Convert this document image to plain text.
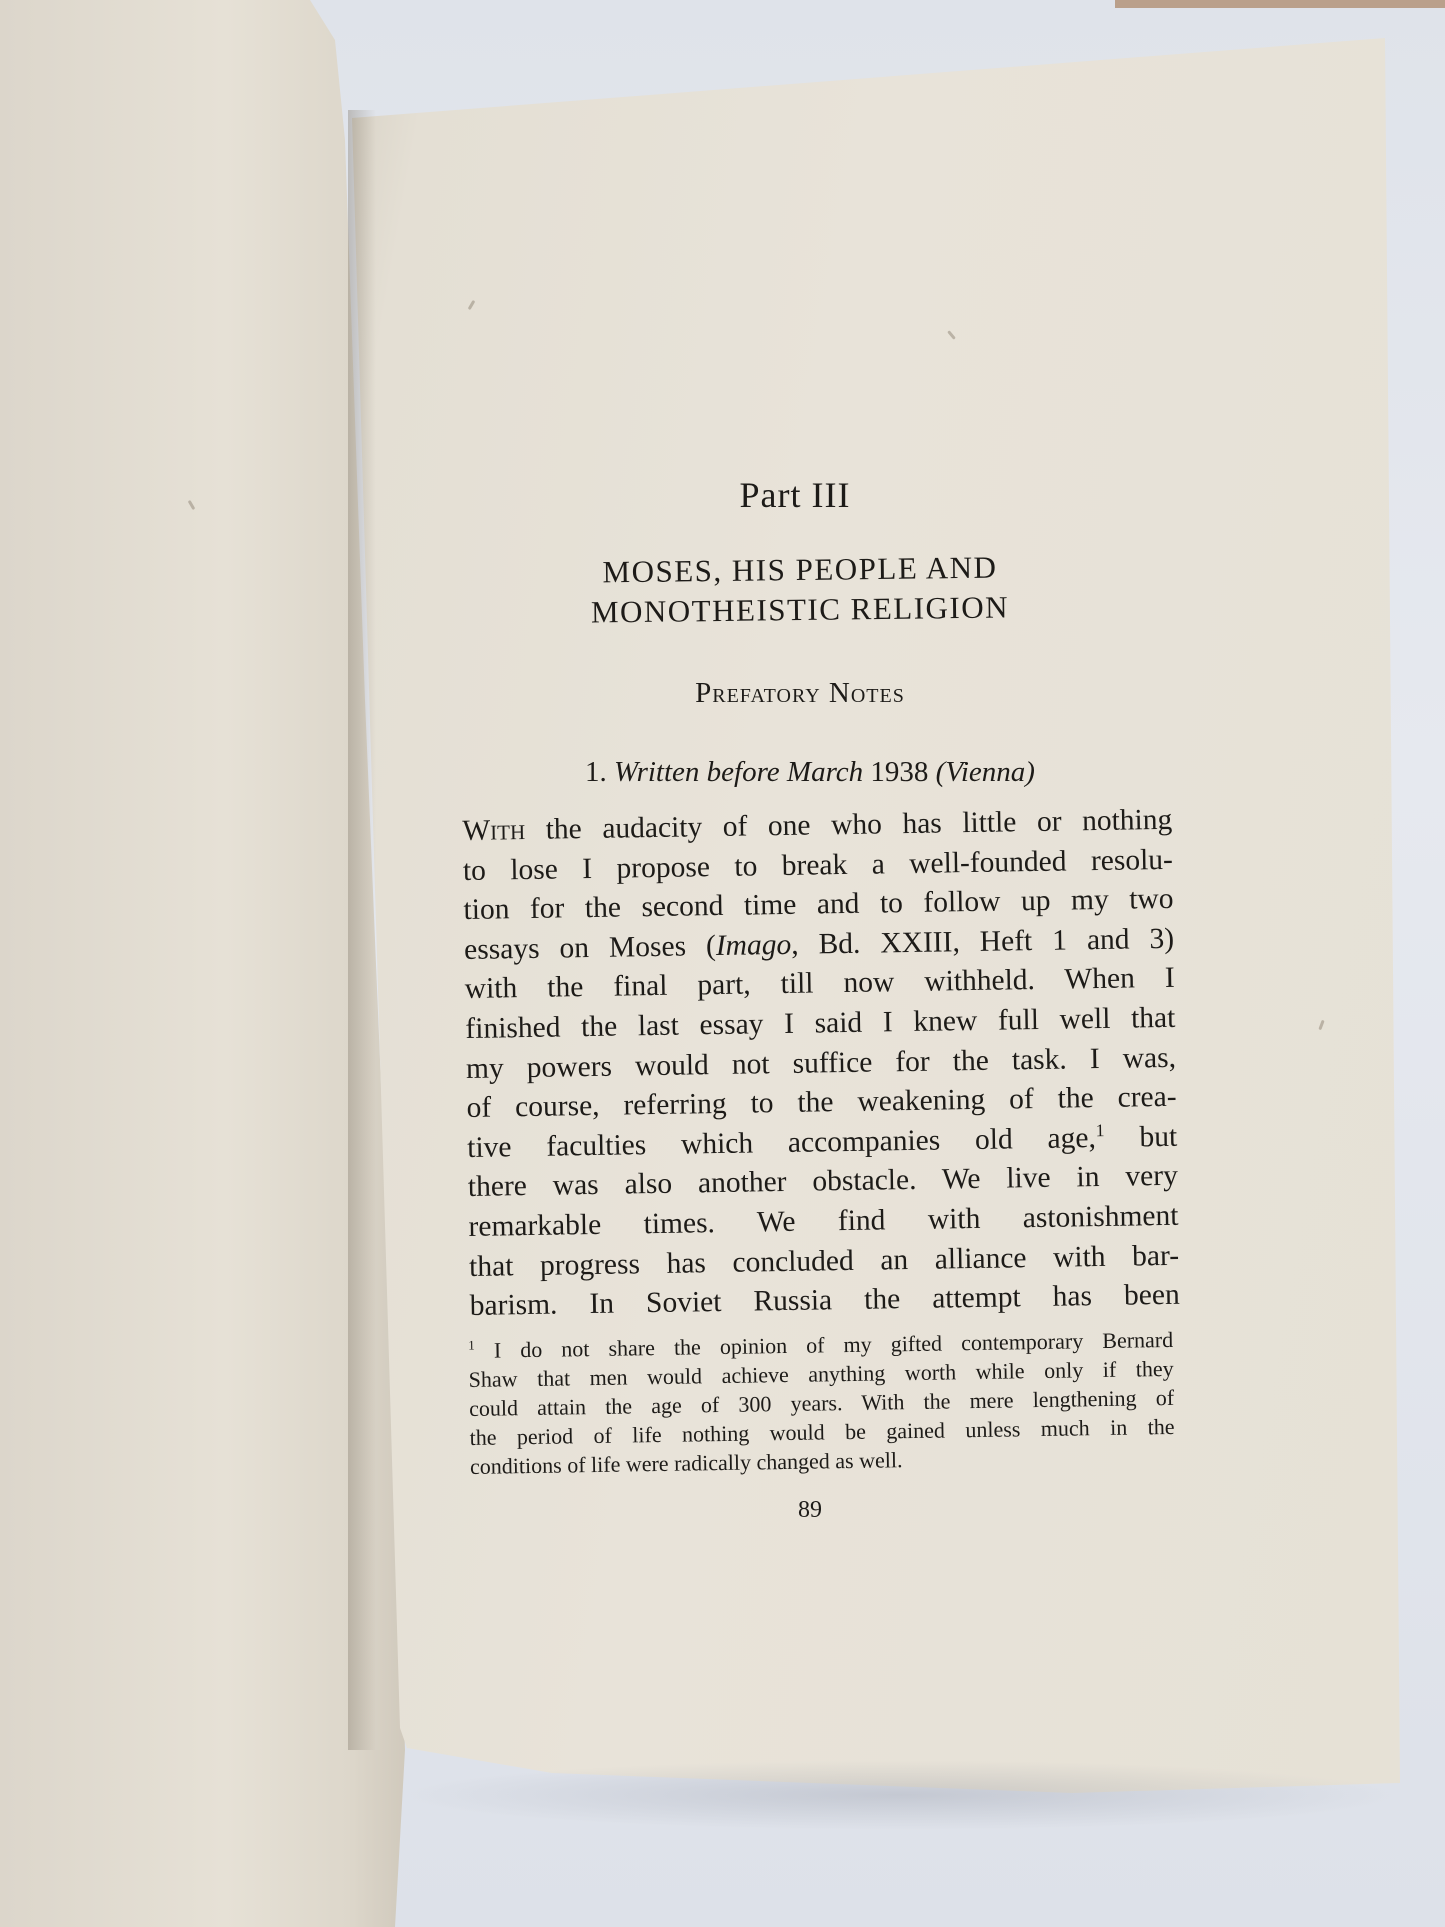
Part III
MOSES, HIS PEOPLE AND
MONOTHEISTIC RELIGION
Prefatory Notes
1. Written before March 1938 (Vienna)
With the audacity of one who has little or nothing
to lose I propose to break a well-founded resolu-
tion for the second time and to follow up my two
essays on Moses (Imago, Bd. XXIII, Heft 1 and 3)
with the final part, till now withheld. When I
finished the last essay I said I knew full well that
my powers would not suffice for the task. I was,
of course, referring to the weakening of the crea-
tive faculties which accompanies old age,$^1$ but
there was also another obstacle. We live in very
remarkable times. We find with astonishment
that progress has concluded an alliance with bar-
barism. In Soviet Russia the attempt has been
$^1$ I do not share the opinion of my gifted contemporary Bernard
Shaw that men would achieve anything worth while only if they
could attain the age of 300 years. With the mere lengthening of
the period of life nothing would be gained unless much in the
conditions of life were radically changed as well.
89
